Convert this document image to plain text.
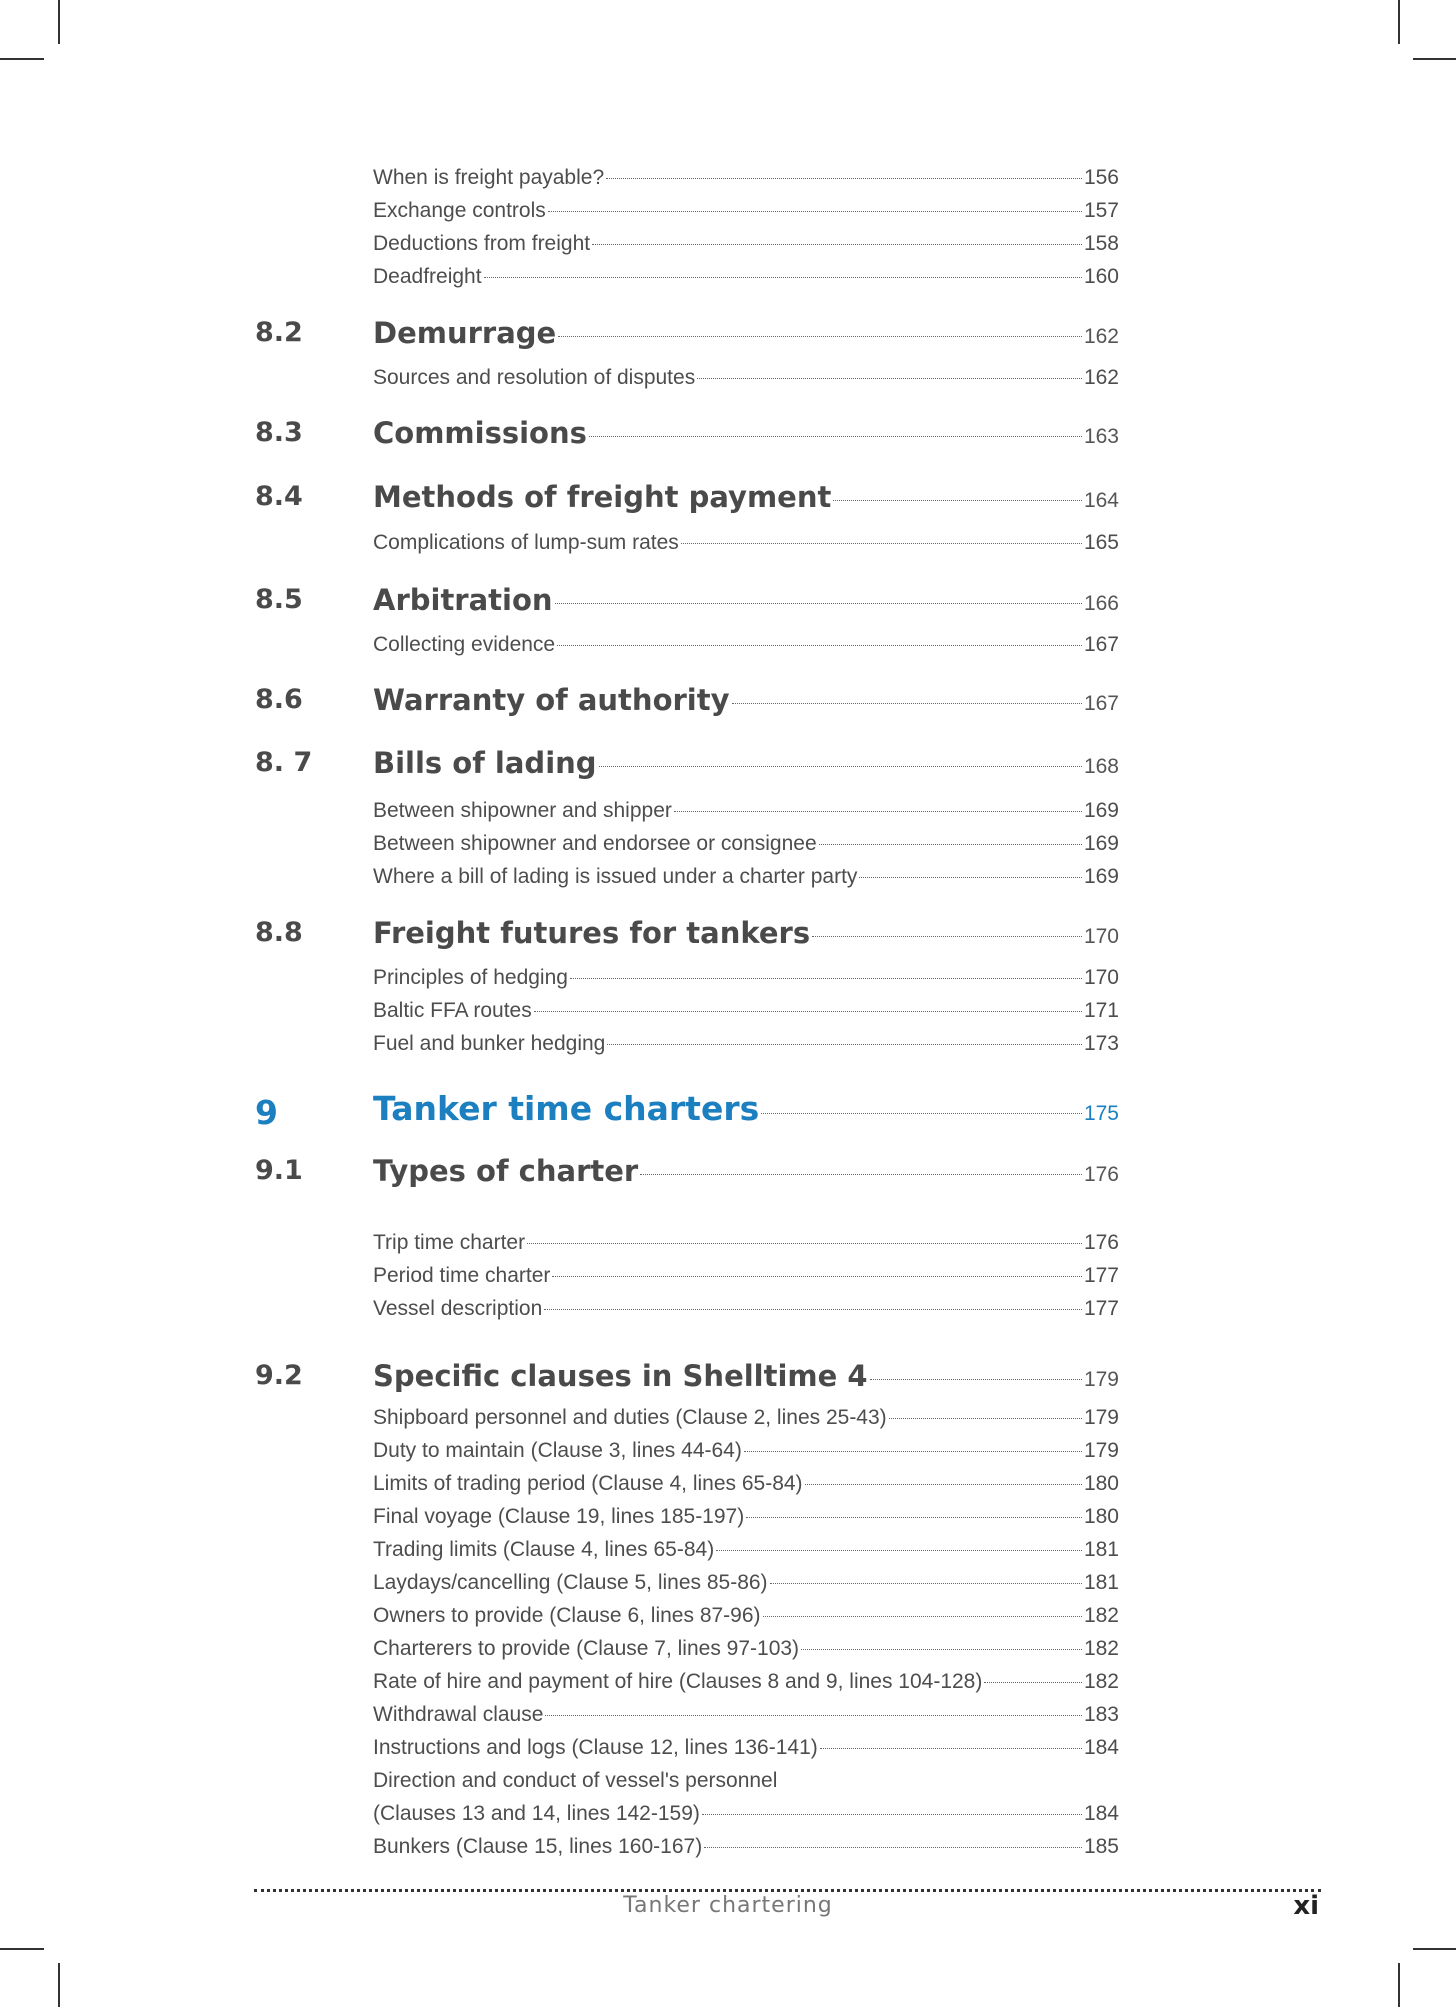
When is freight payable?	156
Exchange controls	157
Deductions from freight	158
Deadfreight	160
8.2 Demurrage	162
Sources and resolution of disputes	162
8.3 Commissions	163
8.4 Methods of freight payment	164
Complications of lump-sum rates	165
8.5 Arbitration	166
Collecting evidence	167
8.6 Warranty of authority	167
8. 7 Bills of lading	168
Between shipowner and shipper	169
Between shipowner and endorsee or consignee	169
Where a bill of lading is issued under a charter party	169
8.8 Freight futures for tankers	170
Principles of hedging	170
Baltic FFA routes	171
Fuel and bunker hedging	173
9	Tanker time charters	175
9.1 Types of charter	176
Trip time charter	176
Period time charter	177
Vessel description	177
9.2 Specific clauses in Shelltime 4	179
Shipboard personnel and duties (Clause 2, lines 25-43)	179
Duty to maintain (Clause 3, lines 44-64)	179
Limits of trading period (Clause 4, lines 65-84)	180
Final voyage (Clause 19, lines 185-197)	180
Trading limits (Clause 4, lines 65-84)	181
Laydays/cancelling (Clause 5, lines 85-86)	181
Owners to provide (Clause 6, lines 87-96)	182
Charterers to provide (Clause 7, lines 97-103)	182
Rate of hire and payment of hire (Clauses 8 and 9, lines 104-128)	182
Withdrawal clause	183
Instructions and logs (Clause 12, lines 136-141)	184
Direction and conduct of vessel's personnel
(Clauses 13 and 14, lines 142-159)	184
Bunkers (Clause 15, lines 160-167)	185
Tanker chartering	xi
